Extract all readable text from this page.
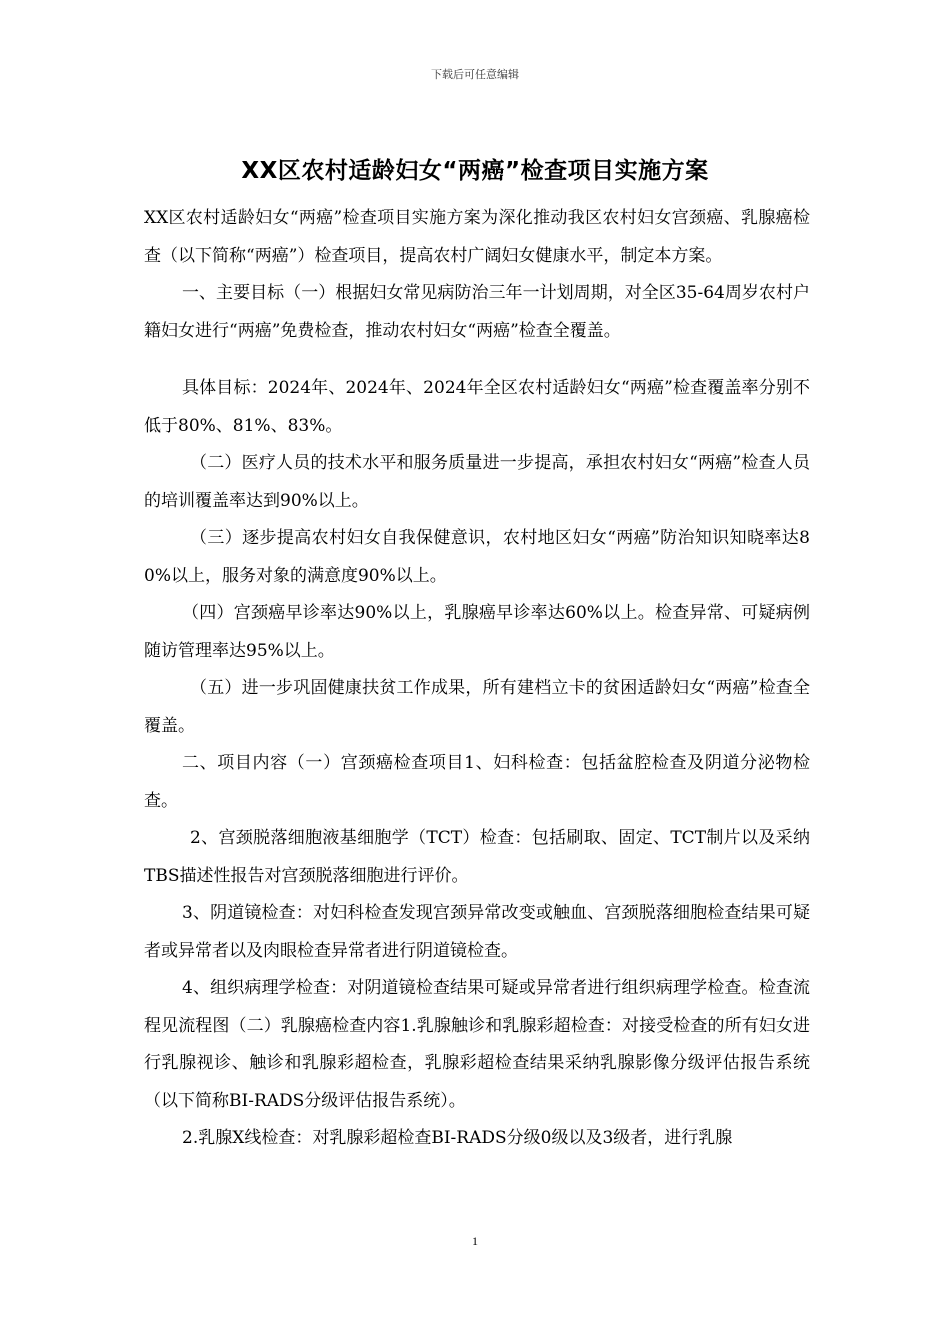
下载后可任意编辑
XX区农村适龄妇女“两癌”检查项目实施方案

XX区农村适龄妇女“两癌”检查项目实施方案为深化推动我区农村妇女宫颈癌、乳腺癌检查（以下简称“两癌”）检查项目，提高农村广阔妇女健康水平，制定本方案。

一、主要目标（一）根据妇女常见病防治三年一计划周期，对全区35-64周岁农村户籍妇女进行“两癌”免费检查，推动农村妇女“两癌”检查全覆盖。

具体目标：2024年、2024年、2024年全区农村适龄妇女“两癌”检查覆盖率分别不低于80%、81%、83%。

（二）医疗人员的技术水平和服务质量进一步提高，承担农村妇女“两癌”检查人员的培训覆盖率达到90%以上。

（三）逐步提高农村妇女自我保健意识，农村地区妇女“两癌”防治知识知晓率达80%以上，服务对象的满意度90%以上。

（四）宫颈癌早诊率达90%以上，乳腺癌早诊率达60%以上。检查异常、可疑病例随访管理率达95%以上。

（五）进一步巩固健康扶贫工作成果，所有建档立卡的贫困适龄妇女“两癌”检查全覆盖。

二、项目内容（一）宫颈癌检查项目1、妇科检查：包括盆腔检查及阴道分泌物检查。

2、宫颈脱落细胞液基细胞学（TCT）检查：包括刷取、固定、TCT制片以及采纳TBS描述性报告对宫颈脱落细胞进行评价。

3、阴道镜检查：对妇科检查发现宫颈异常改变或触血、宫颈脱落细胞检查结果可疑者或异常者以及肉眼检查异常者进行阴道镜检查。

4、组织病理学检查：对阴道镜检查结果可疑或异常者进行组织病理学检查。检查流程见流程图（二）乳腺癌检查内容1.乳腺触诊和乳腺彩超检查：对接受检查的所有妇女进行乳腺视诊、触诊和乳腺彩超检查，乳腺彩超检查结果采纳乳腺影像分级评估报告系统（以下简称BI-RADS分级评估报告系统）。

2.乳腺X线检查：对乳腺彩超检查BI-RADS分级0级以及3级者，进行乳腺

1
